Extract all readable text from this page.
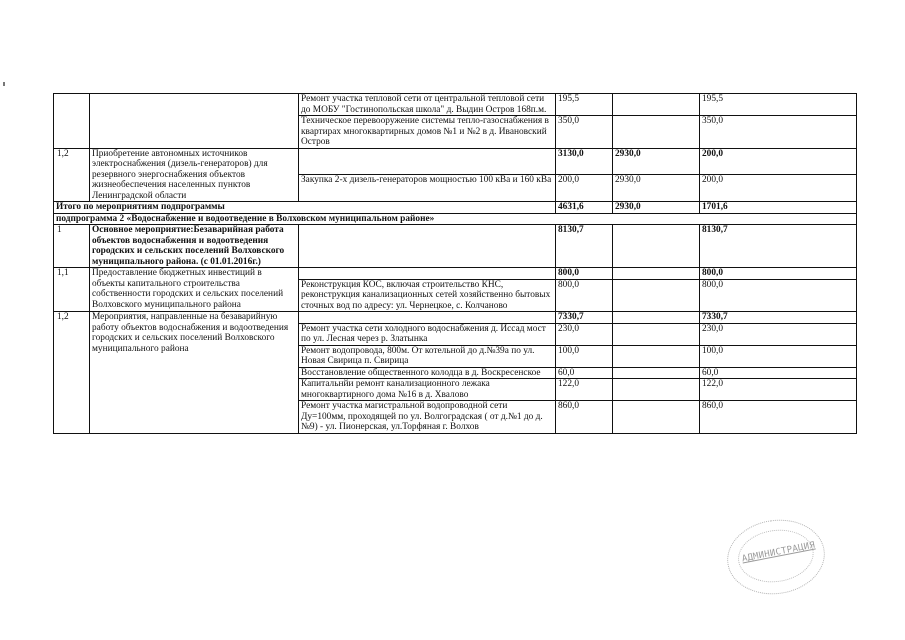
		Ремонт участка тепловой сети от центральной тепловой сети до МОБУ "Гостинопольская школа" д. Выдин Остров 168п.м.	195,5		195,5
		Техническое перевооружение системы тепло-газоснабжения в квартирах многоквартирных домов №1 и №2 в д. Ивановский Остров	350,0		350,0
1,2	Приобретение автономных источников электроснабжения (дизель-генераторов) для резервного энергоснабжения объектов жизнеобеспечения населенных пунктов Ленинградской области		3130,0	2930,0	200,0
		Закупка 2-х дизель-генераторов мощностью 100 кВа и 160 кВа	200,0	2930,0	200,0
Итого по мероприятиям подпрограммы			4631,6	2930,0	1701,6
подпрограмма 2 «Водоснабжение и водоотведение в Волховском муниципальном районе»					
1	Основное мероприятие:Безаварийная работа объектов водоснабжения и водоотведения городских и сельских поселений Волховского муниципального района. (с 01.01.2016г.)		8130,7		8130,7
1,1	Предоставление бюджетных инвестиций в объекты капитального строительства собственности городских и сельских поселений Волховского муниципального района		800,0		800,0
		Реконструкция КОС, включая строительство КНС, реконструкция канализационных сетей хозяйственно бытовых сточных вод по адресу: ул. Чернецкое, с. Колчаново	800,0		800,0
1,2	Мероприятия, направленные на безаварийную работу объектов водоснабжения и водоотведения городских и сельских поселений Волховского муниципального района		7330,7		7330,7
		Ремонт участка сети холодного водоснабжения д. Иссад мост по ул. Лесная через р. Златынка	230,0		230,0
		Ремонт водопровода, 800м. От котельной до д.№39а по ул. Новая Свирица п. Свирица	100,0		100,0
		Восстановление общественного колодца в д. Воскресенское	60,0		60,0
		Капитальнйи ремонт канализационного лежака многоквартирного дома №16 в д. Хвалово	122,0		122,0
		Ремонт участка магистральной водопроводной сети Ду=100мм, проходящей по ул. Волгоградская ( от д.№1 до д. №9) - ул. Пионерская, ул.Торфяная г. Волхов	860,0		860,0
АДМИНИСТРАЦИЯ
